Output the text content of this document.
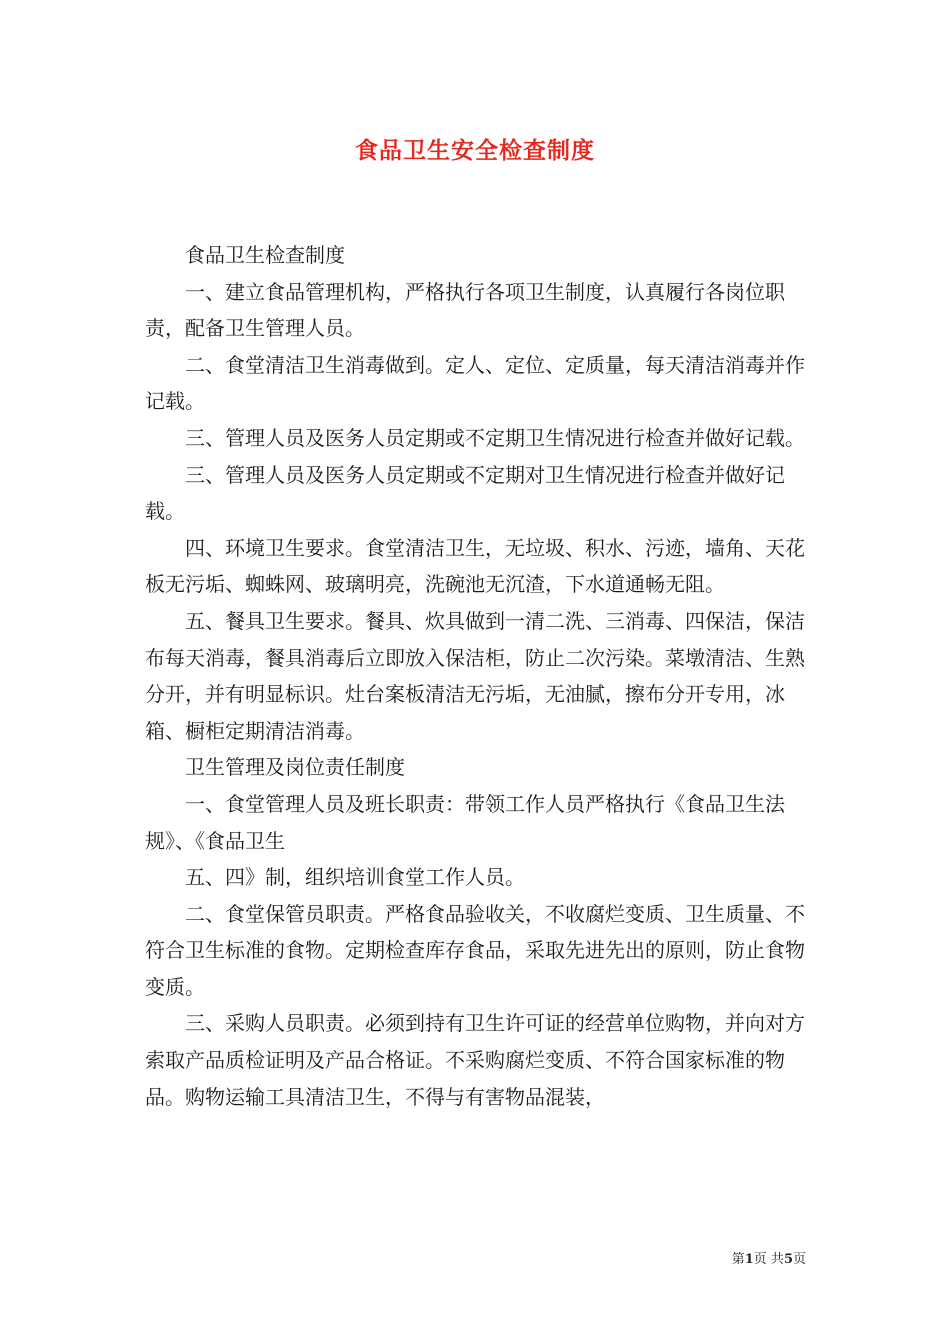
食品卫生安全检查制度

食品卫生检查制度

一、建立食品管理机构，严格执行各项卫生制度，认真履行各岗位职责，配备卫生管理人员。

二、食堂清洁卫生消毒做到。定人、定位、定质量，每天清洁消毒并作记载。

三、管理人员及医务人员定期或不定期卫生情况进行检查并做好记载。

三、管理人员及医务人员定期或不定期对卫生情况进行检查并做好记载。

四、环境卫生要求。食堂清洁卫生，无垃圾、积水、污迹，墙角、天花板无污垢、蜘蛛网、玻璃明亮，洗碗池无沉渣，下水道通畅无阻。

五、餐具卫生要求。餐具、炊具做到一清二洗、三消毒、四保洁，保洁布每天消毒，餐具消毒后立即放入保洁柜，防止二次污染。菜墩清洁、生熟分开，并有明显标识。灶台案板清洁无污垢，无油腻，擦布分开专用，冰箱、橱柜定期清洁消毒。

卫生管理及岗位责任制度

一、食堂管理人员及班长职责：带领工作人员严格执行《食品卫生法规》、《食品卫生

五、四》制，组织培训食堂工作人员。

二、食堂保管员职责。严格食品验收关，不收腐烂变质、卫生质量、不符合卫生标准的食物。定期检查库存食品，采取先进先出的原则，防止食物变质。

三、采购人员职责。必须到持有卫生许可证的经营单位购物，并向对方索取产品质检证明及产品合格证。不采购腐烂变质、不符合国家标准的物品。购物运输工具清洁卫生，不得与有害物品混装，

第1页 共5页
